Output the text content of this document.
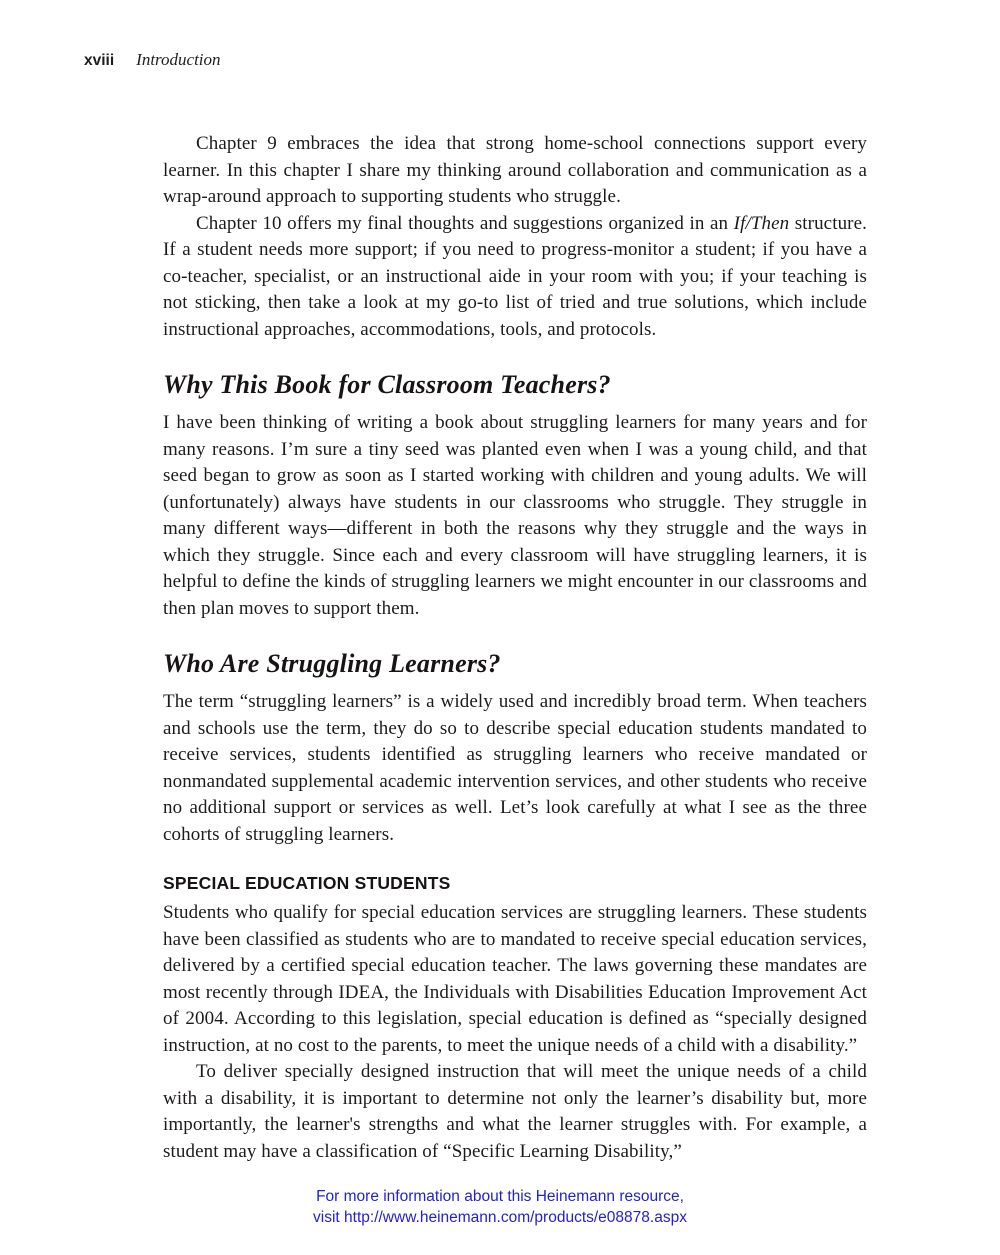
xviii Introduction

Chapter 9 embraces the idea that strong home-school connections support every learner. In this chapter I share my thinking around collaboration and communication as a wrap-around approach to supporting students who struggle.

Chapter 10 offers my final thoughts and suggestions organized in an If/Then structure. If a student needs more support; if you need to progress-monitor a student; if you have a co-teacher, specialist, or an instructional aide in your room with you; if your teaching is not sticking, then take a look at my go-to list of tried and true solutions, which include instructional approaches, accommodations, tools, and protocols.

Why This Book for Classroom Teachers?

I have been thinking of writing a book about struggling learners for many years and for many reasons. I’m sure a tiny seed was planted even when I was a young child, and that seed began to grow as soon as I started working with children and young adults. We will (unfortunately) always have students in our classrooms who struggle. They struggle in many different ways—different in both the reasons why they struggle and the ways in which they struggle. Since each and every classroom will have struggling learners, it is helpful to define the kinds of struggling learners we might encounter in our classrooms and then plan moves to support them.

Who Are Struggling Learners?

The term “struggling learners” is a widely used and incredibly broad term. When teachers and schools use the term, they do so to describe special education students mandated to receive services, students identified as struggling learners who receive mandated or nonmandated supplemental academic intervention services, and other students who receive no additional support or services as well. Let’s look carefully at what I see as the three cohorts of struggling learners.

SPECIAL EDUCATION STUDENTS

Students who qualify for special education services are struggling learners. These students have been classified as students who are to mandated to receive special education services, delivered by a certified special education teacher. The laws governing these mandates are most recently through IDEA, the Individuals with Disabilities Education Improvement Act of 2004. According to this legislation, special education is defined as “specially designed instruction, at no cost to the parents, to meet the unique needs of a child with a disability.”

To deliver specially designed instruction that will meet the unique needs of a child with a disability, it is important to determine not only the learner’s disability but, more importantly, the learner's strengths and what the learner struggles with. For example, a student may have a classification of “Specific Learning Disability,”

For more information about this Heinemann resource,
visit http://www.heinemann.com/products/e08878.aspx
